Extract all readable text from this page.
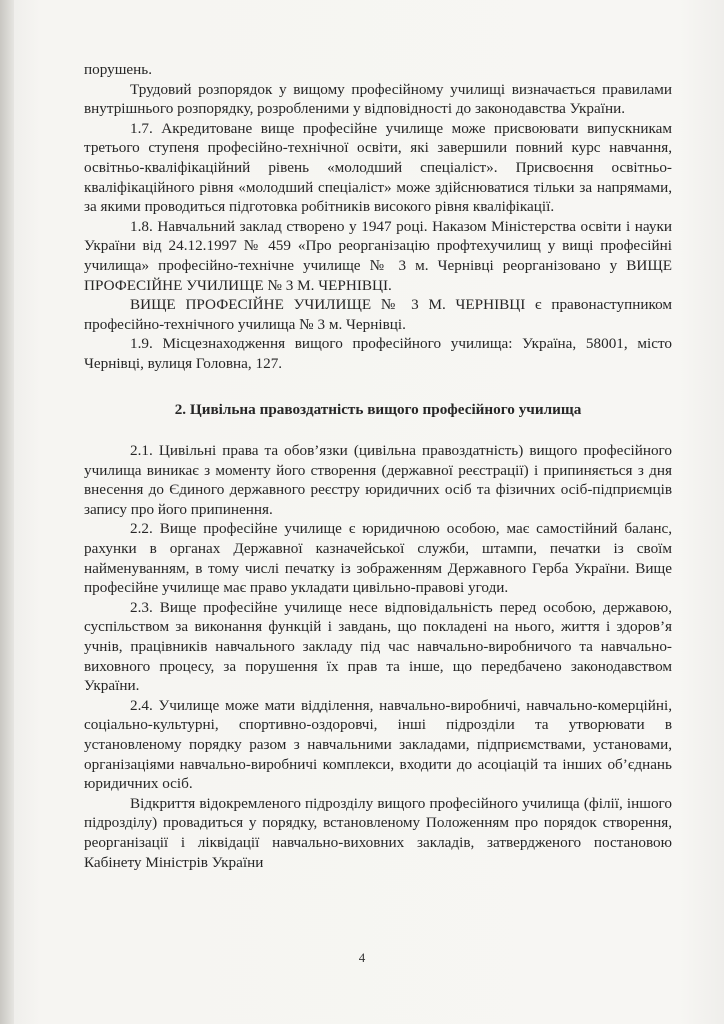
порушень.

Трудовий розпорядок у вищому професійному училищі визначається правилами внутрішнього розпорядку, розробленими у відповідності до законодавства України.

1.7. Акредитоване вище професійне училище може присвоювати випускникам третього ступеня професійно-технічної освіти, які завершили повний курс навчання, освітньо-кваліфікаційний рівень «молодший спеціаліст». Присвоєння освітньо-кваліфікаційного рівня «молодший спеціаліст» може здійснюватися тільки за напрямами, за якими проводиться підготовка робітників високого рівня кваліфікації.

1.8. Навчальний заклад створено у 1947 році. Наказом Міністерства освіти і науки України від 24.12.1997 № 459 «Про реорганізацію профтехучилищ у вищі професійні училища» професійно-технічне училище № 3 м. Чернівці реорганізовано у ВИЩЕ ПРОФЕСІЙНЕ УЧИЛИЩЕ № 3 М. ЧЕРНІВЦІ.

ВИЩЕ ПРОФЕСІЙНЕ УЧИЛИЩЕ № 3 М. ЧЕРНІВЦІ є правонаступником професійно-технічного училища № 3 м. Чернівці.

1.9. Місцезнаходження вищого професійного училища: Україна, 58001, місто Чернівці, вулиця Головна, 127.

2. Цивільна правоздатність вищого професійного училища

2.1. Цивільні права та обов’язки (цивільна правоздатність) вищого професійного училища виникає з моменту його створення (державної реєстрації) і припиняється з дня внесення до Єдиного державного реєстру юридичних осіб та фізичних осіб-підприємців запису про його припинення.

2.2. Вище професійне училище є юридичною особою, має самостійний баланс, рахунки в органах Державної казначейської служби, штампи, печатки із своїм найменуванням, в тому числі печатку із зображенням Державного Герба України. Вище професійне училище має право укладати цивільно-правові угоди.

2.3. Вище професійне училище несе відповідальність перед особою, державою, суспільством за виконання функцій і завдань, що покладені на нього, життя і здоров’я учнів, працівників навчального закладу під час навчально-виробничого та навчально-виховного процесу, за порушення їх прав та інше, що передбачено законодавством України.

2.4. Училище може мати відділення, навчально-виробничі, навчально-комерційні, соціально-культурні, спортивно-оздоровчі, інші підрозділи та утворювати в установленому порядку разом з навчальними закладами, підприємствами, установами, організаціями навчально-виробничі комплекси, входити до асоціацій та інших об’єднань юридичних осіб.

Відкриття відокремленого підрозділу вищого професійного училища (філії, іншого підрозділу) провадиться у порядку, встановленому Положенням про порядок створення, реорганізації і ліквідації навчально-виховних закладів, затвердженого постановою Кабінету Міністрів України

4
